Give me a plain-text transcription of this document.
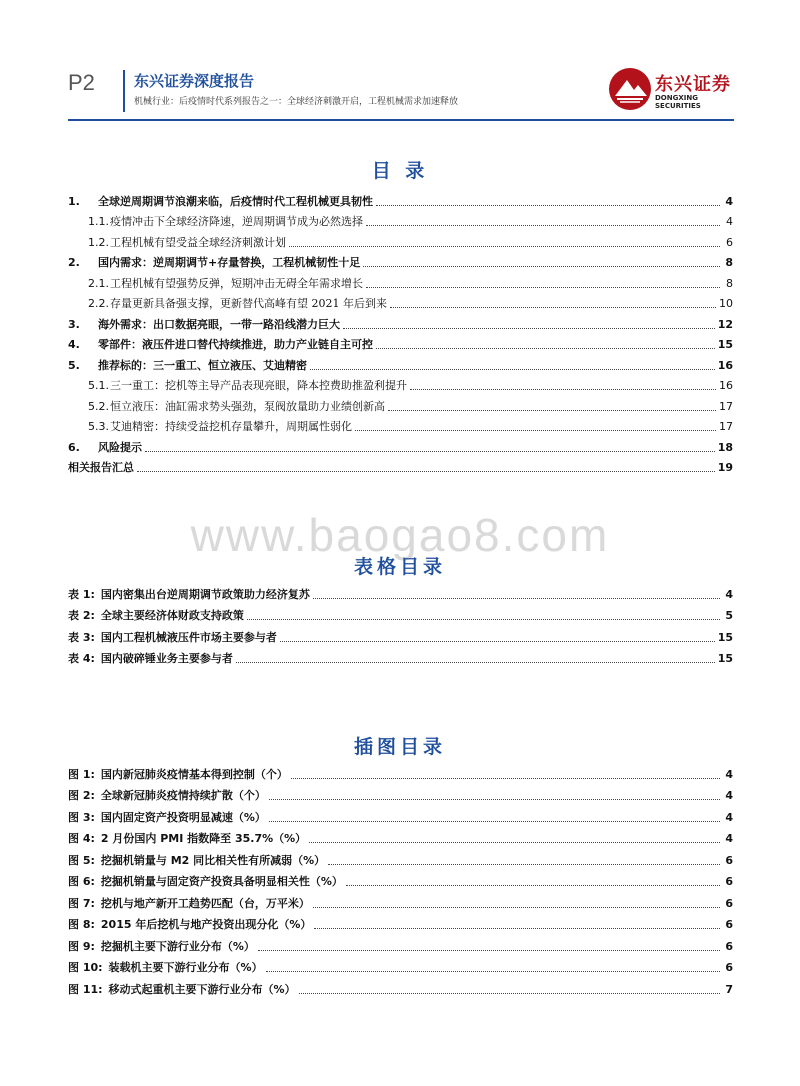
P2	东兴证券深度报告
机械行业：后疫情时代系列报告之一：全球经济刺激开启，工程机械需求加速释放
东兴证券
DONGXING SECURITIES
目 录
1.	全球逆周期调节浪潮来临，后疫情时代工程机械更具韧性	4
1.1. 疫情冲击下全球经济降速，逆周期调节成为必然选择	4
1.2. 工程机械有望受益全球经济刺激计划	6
2.	国内需求：逆周期调节+存量替换，工程机械韧性十足	8
2.1. 工程机械有望强势反弹，短期冲击无碍全年需求增长	8
2.2. 存量更新具备强支撑，更新替代高峰有望 2021 年后到来	10
3.	海外需求：出口数据亮眼，一带一路沿线潜力巨大	12
4.	零部件：液压件进口替代持续推进，助力产业链自主可控	15
5.	推荐标的：三一重工、恒立液压、艾迪精密	16
5.1. 三一重工：挖机等主导产品表现亮眼，降本控费助推盈利提升	16
5.2. 恒立液压：油缸需求势头强劲，泵阀放量助力业绩创新高	17
5.3. 艾迪精密：持续受益挖机存量攀升，周期属性弱化	17
6.	风险提示	18
相关报告汇总	19
www.baogao8.com
表格目录
表 1: 国内密集出台逆周期调节政策助力经济复苏	4
表 2: 全球主要经济体财政支持政策	5
表 3: 国内工程机械液压件市场主要参与者	15
表 4: 国内破碎锤业务主要参与者	15
插图目录
图 1: 国内新冠肺炎疫情基本得到控制（个）	4
图 2: 全球新冠肺炎疫情持续扩散（个）	4
图 3: 国内固定资产投资明显减速（%）	4
图 4: 2 月份国内 PMI 指数降至 35.7%（%）	4
图 5: 挖掘机销量与 M2 同比相关性有所减弱（%）	6
图 6: 挖掘机销量与固定资产投资具备明显相关性（%）	6
图 7: 挖机与地产新开工趋势匹配（台，万平米）	6
图 8: 2015 年后挖机与地产投资出现分化（%）	6
图 9: 挖掘机主要下游行业分布（%）	6
图 10: 装载机主要下游行业分布（%）	6
图 11: 移动式起重机主要下游行业分布（%）	7
